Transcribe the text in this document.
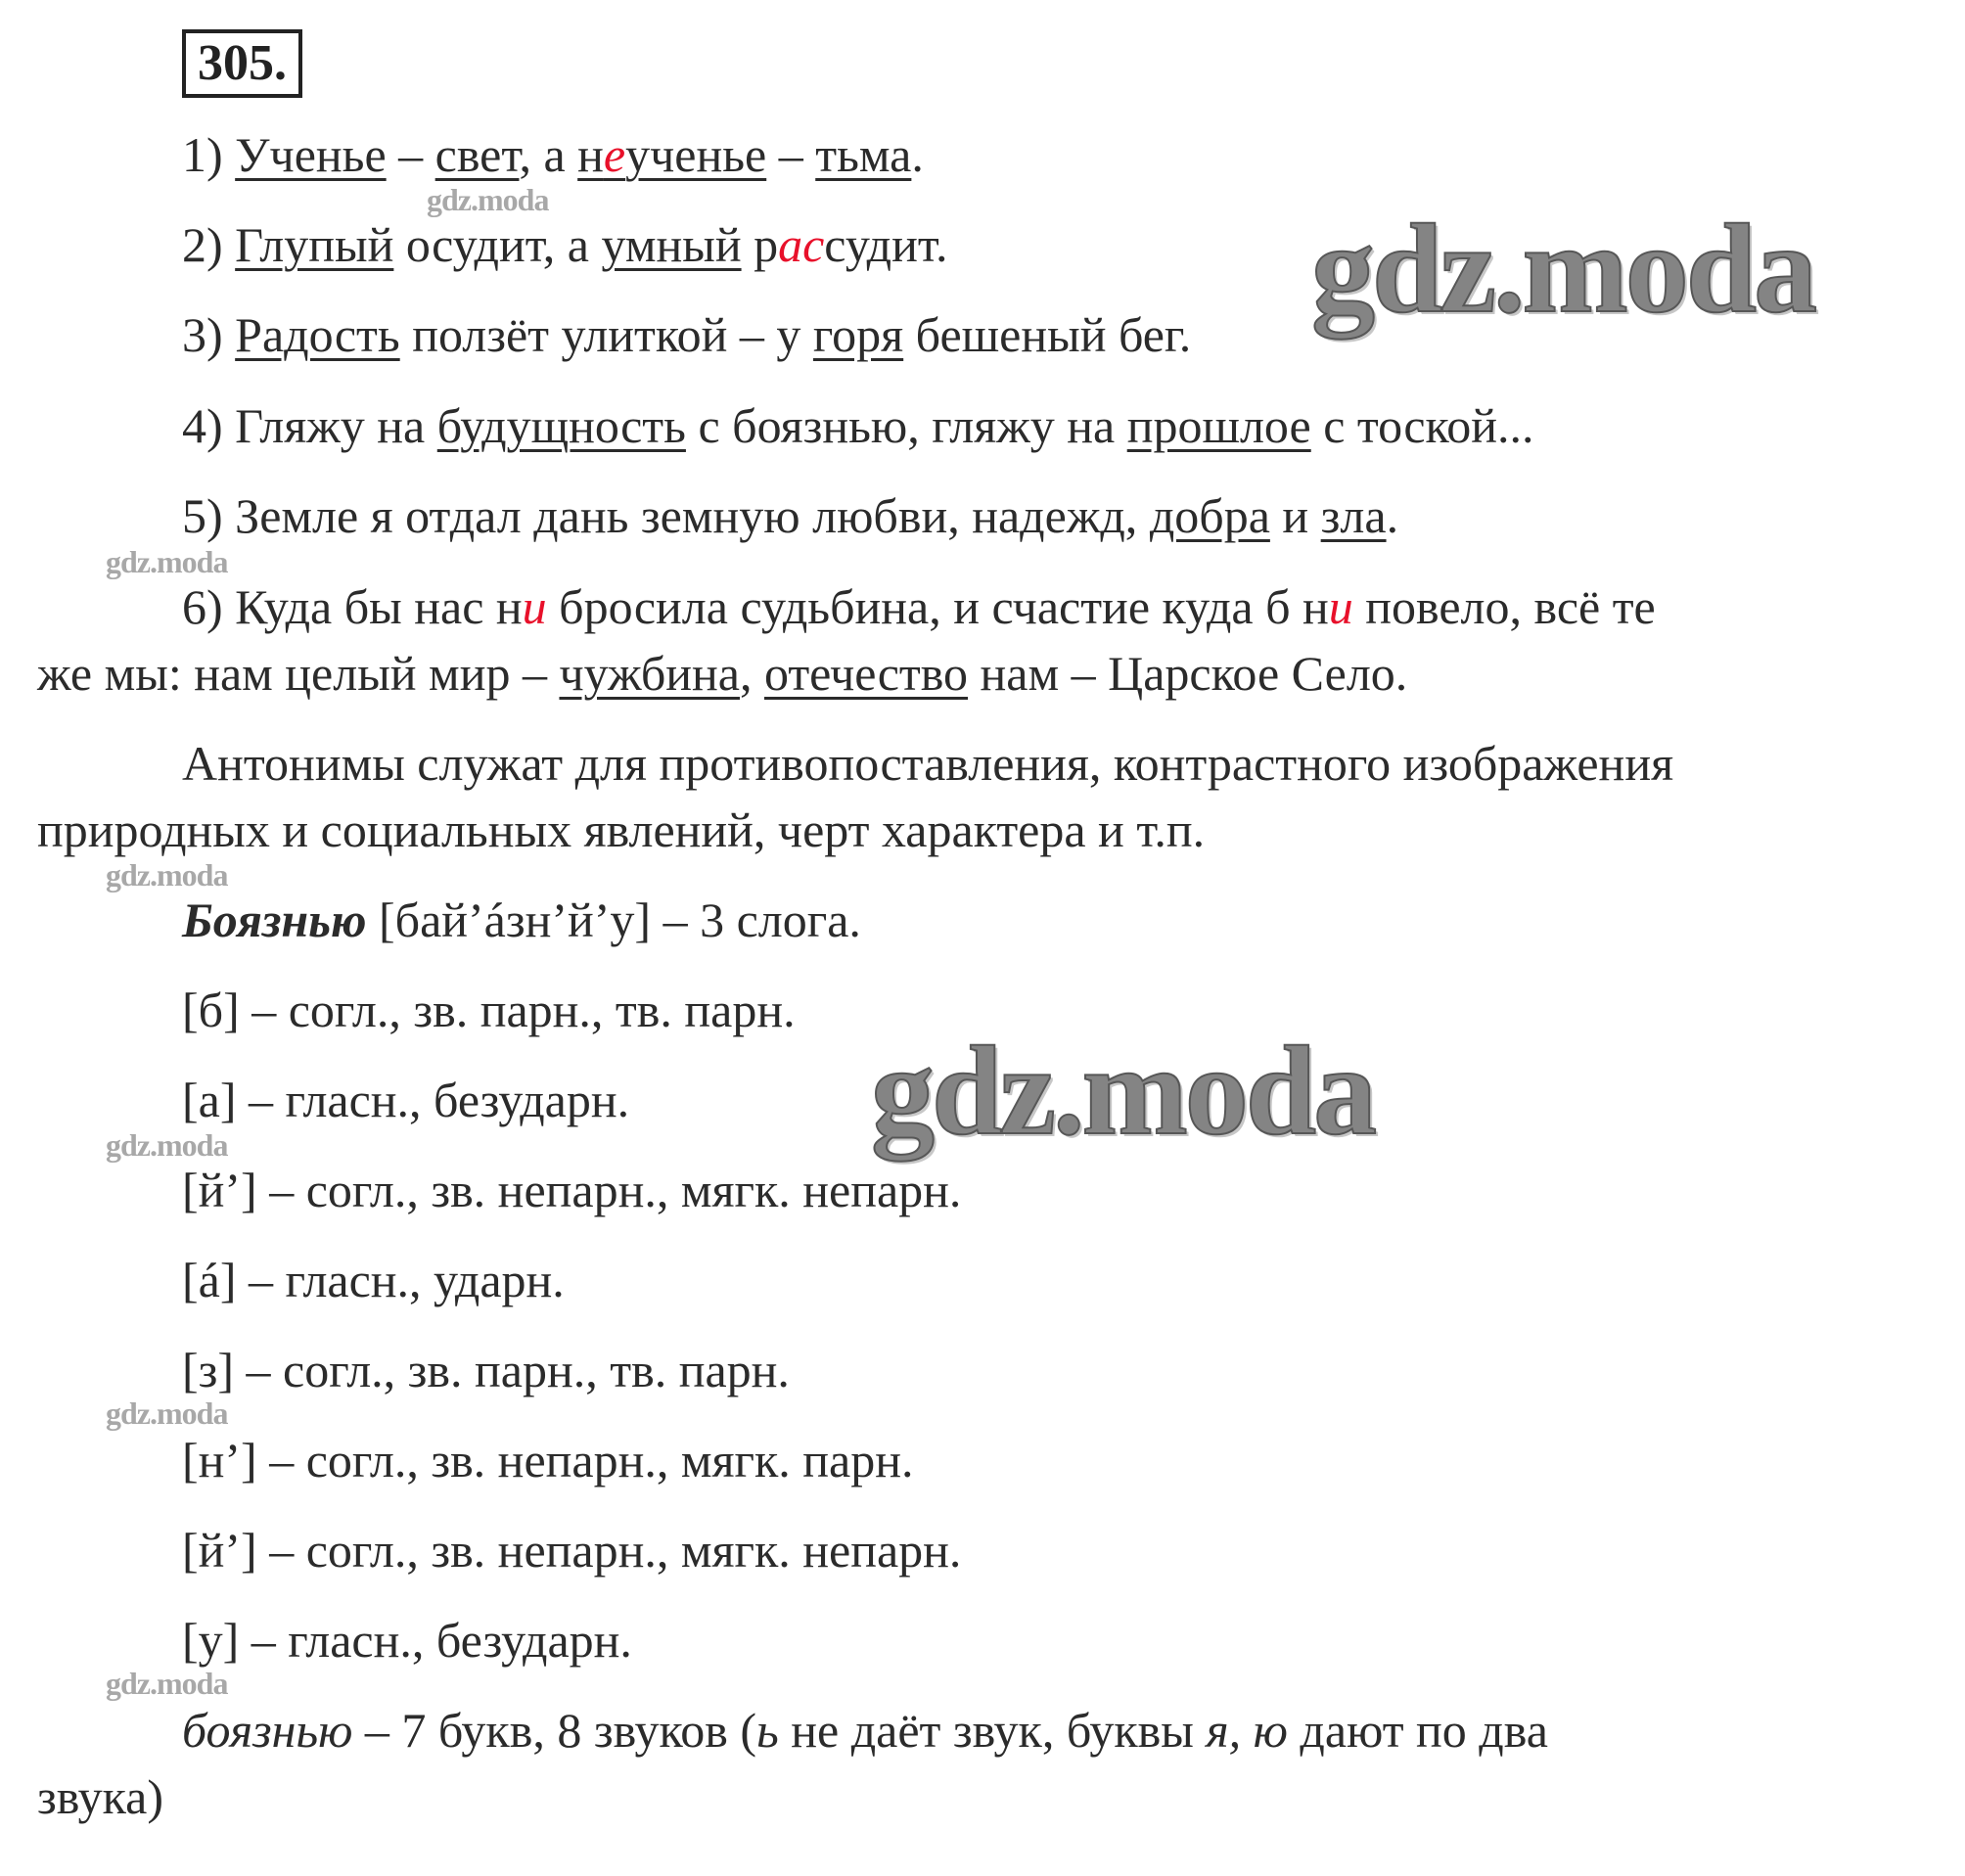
305.
1) Ученье – свет, а неученье – тьма.
2) Глупый осудит, а умный рассудит.
3) Радость ползёт улиткой – у горя бешеный бег.
4) Гляжу на будущность с боязнью, гляжу на прошлое с тоской...
5) Земле я отдал дань земную любви, надежд, добра и зла.
6) Куда бы нас ни бросила судьбина, и счастие куда б ни повело, всё те
же мы: нам целый мир – чужбина, отечество нам – Царское Село.
Антонимы служат для противопоставления, контрастного изображения
природных и социальных явлений, черт характера и т.п.
Боязнью [бай’áзн’й’у] – 3 слога.
[б] – согл., зв. парн., тв. парн.
[а] – гласн., безударн.
[й’] – согл., зв. непарн., мягк. непарн.
[á] – гласн., ударн.
[з] – согл., зв. парн., тв. парн.
[н’] – согл., зв. непарн., мягк. парн.
[й’] – согл., зв. непарн., мягк. непарн.
[у] – гласн., безударн.
боязнью – 7 букв, 8 звуков (ь не даёт звук, буквы я, ю дают по два
звука)
gdz.moda
gdz.moda
gdz.moda
gdz.moda
gdz.moda
gdz.moda
gdz.moda
gdz.moda
